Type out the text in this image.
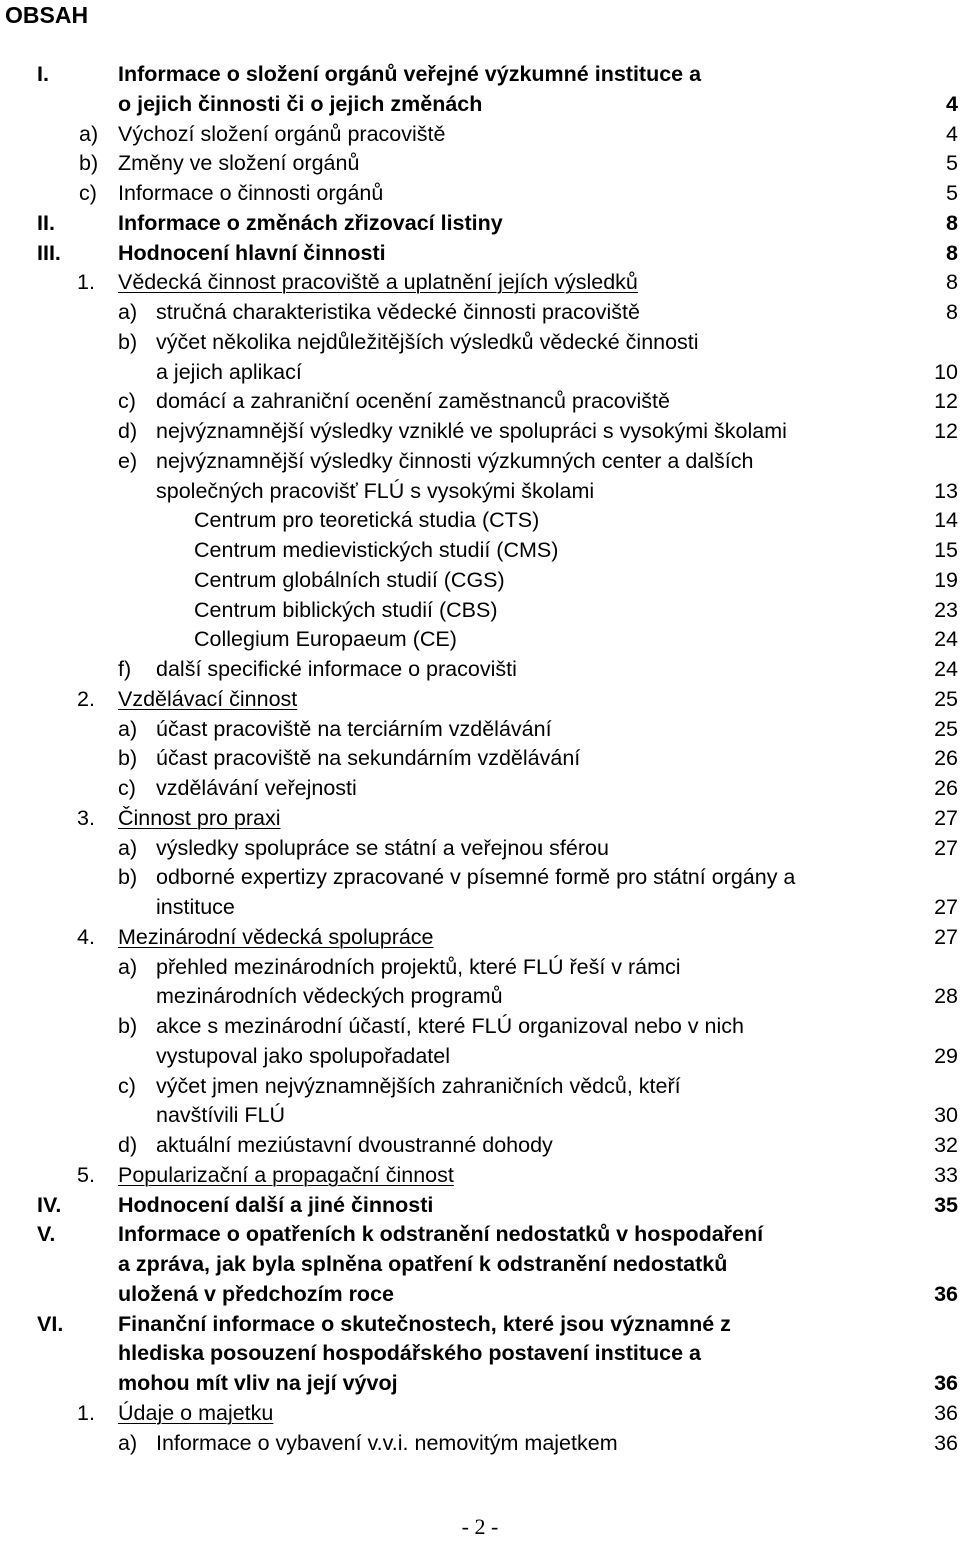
OBSAH
I.	Informace o složení orgánů veřejné výzkumné instituce a
o jejich činnosti či o jejich změnách	4
a) Výchozí složení orgánů pracoviště	4
b) Změny ve složení orgánů	5
c) Informace o činnosti orgánů	5
II.	Informace o změnách zřizovací listiny	8
III.	Hodnocení hlavní činnosti	8
1. Vědecká činnost pracoviště a uplatnění jejích výsledků	8
a) stručná charakteristika vědecké činnosti pracoviště	8
b) výčet několika nejdůležitějších výsledků vědecké činnosti
a jejich aplikací	10
c) domácí a zahraniční ocenění zaměstnanců pracoviště	12
d) nejvýznamnější výsledky vzniklé ve spolupráci s vysokými školami	12
e) nejvýznamnější výsledky činnosti výzkumných center a dalších
společných pracovišť FLÚ s vysokými školami	13
Centrum pro teoretická studia (CTS)	14
Centrum medievistických studií (CMS)	15
Centrum globálních studií (CGS)	19
Centrum biblických studií (CBS)	23
Collegium Europaeum (CE)	24
f) další specifické informace o pracovišti	24
2. Vzdělávací činnost	25
a) účast pracoviště na terciárním vzdělávání	25
b) účast pracoviště na sekundárním vzdělávání	26
c) vzdělávání veřejnosti	26
3. Činnost pro praxi	27
a) výsledky spolupráce se státní a veřejnou sférou	27
b) odborné expertizy zpracované v písemné formě pro státní orgány a
instituce	27
4. Mezinárodní vědecká spolupráce	27
a) přehled mezinárodních projektů, které FLÚ řeší v rámci
mezinárodních vědeckých programů	28
b) akce s mezinárodní účastí, které FLÚ organizoval nebo v nich
vystupoval jako spolupořadatel	29
c) výčet jmen nejvýznamnějších zahraničních vědců, kteří
navštívili FLÚ	30
d) aktuální meziústavní dvoustranné dohody	32
5. Popularizační a propagační činnost	33
IV.	Hodnocení další a jiné činnosti	35
V.	Informace o opatřeních k odstranění nedostatků v hospodaření
a zpráva, jak byla splněna opatření k odstranění nedostatků
uložená v předchozím roce	36
VI.	Finanční informace o skutečnostech, které jsou významné z
hlediska posouzení hospodářského postavení instituce a
mohou mít vliv na její vývoj	36
1. Údaje o majetku	36
a) Informace o vybavení v.v.i. nemovitým majetkem	36
- 2 -
